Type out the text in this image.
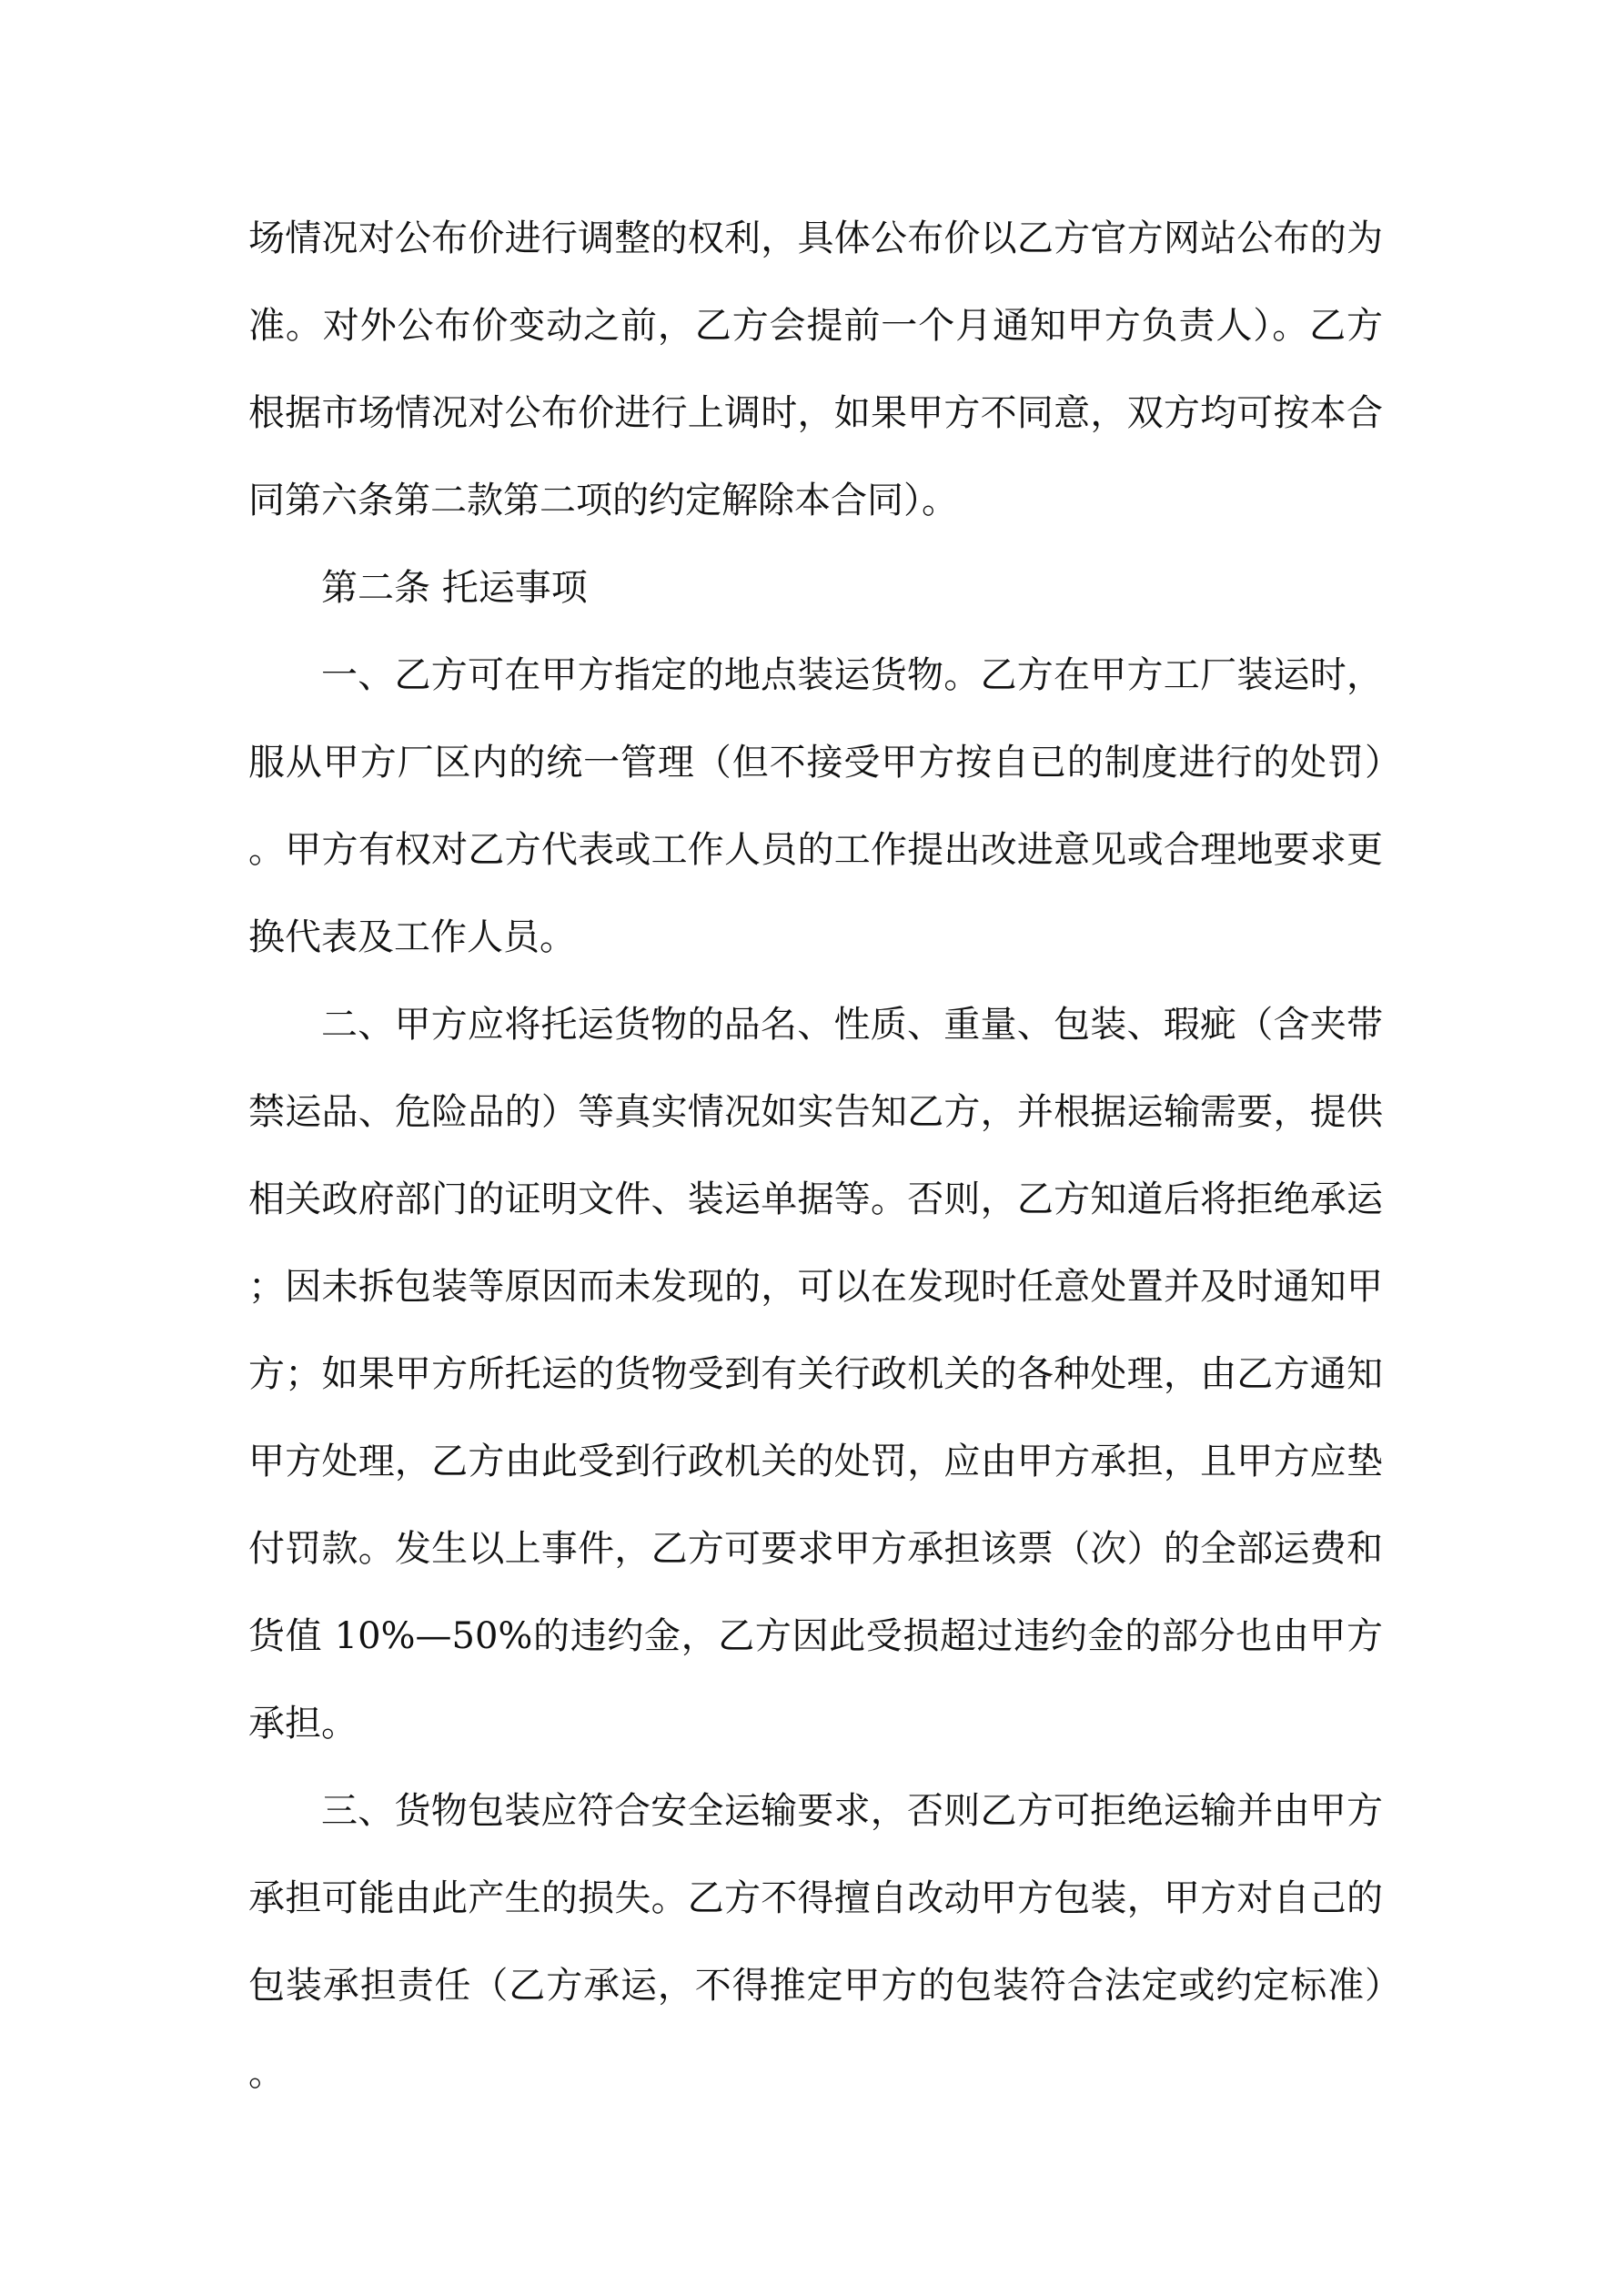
场情况对公布价进行调整的权利，具体公布价以乙方官方网站公布的为准。对外公布价变动之前，乙方会提前一个月通知甲方负责人）。乙方根据市场情况对公布价进行上调时，如果甲方不同意，双方均可按本合同第六条第二款第二项的约定解除本合同）。

第二条 托运事项

一、乙方可在甲方指定的地点装运货物。乙方在甲方工厂装运时，服从甲方厂区内的统一管理（但不接受甲方按自已的制度进行的处罚）。甲方有权对乙方代表或工作人员的工作提出改进意见或合理地要求更换代表及工作人员。

二、甲方应将托运货物的品名、性质、重量、包装、瑕疵（含夹带禁运品、危险品的）等真实情况如实告知乙方，并根据运输需要，提供相关政府部门的证明文件、装运单据等。否则，乙方知道后将拒绝承运；因未拆包装等原因而未发现的，可以在发现时任意处置并及时通知甲方；如果甲方所托运的货物受到有关行政机关的各种处理，由乙方通知甲方处理，乙方由此受到行政机关的处罚，应由甲方承担，且甲方应垫付罚款。发生以上事件，乙方可要求甲方承担该票（次）的全部运费和货值 10%—50%的违约金，乙方因此受损超过违约金的部分也由甲方承担。

三、货物包装应符合安全运输要求，否则乙方可拒绝运输并由甲方承担可能由此产生的损失。乙方不得擅自改动甲方包装，甲方对自己的包装承担责任（乙方承运，不得推定甲方的包装符合法定或约定标准）。
